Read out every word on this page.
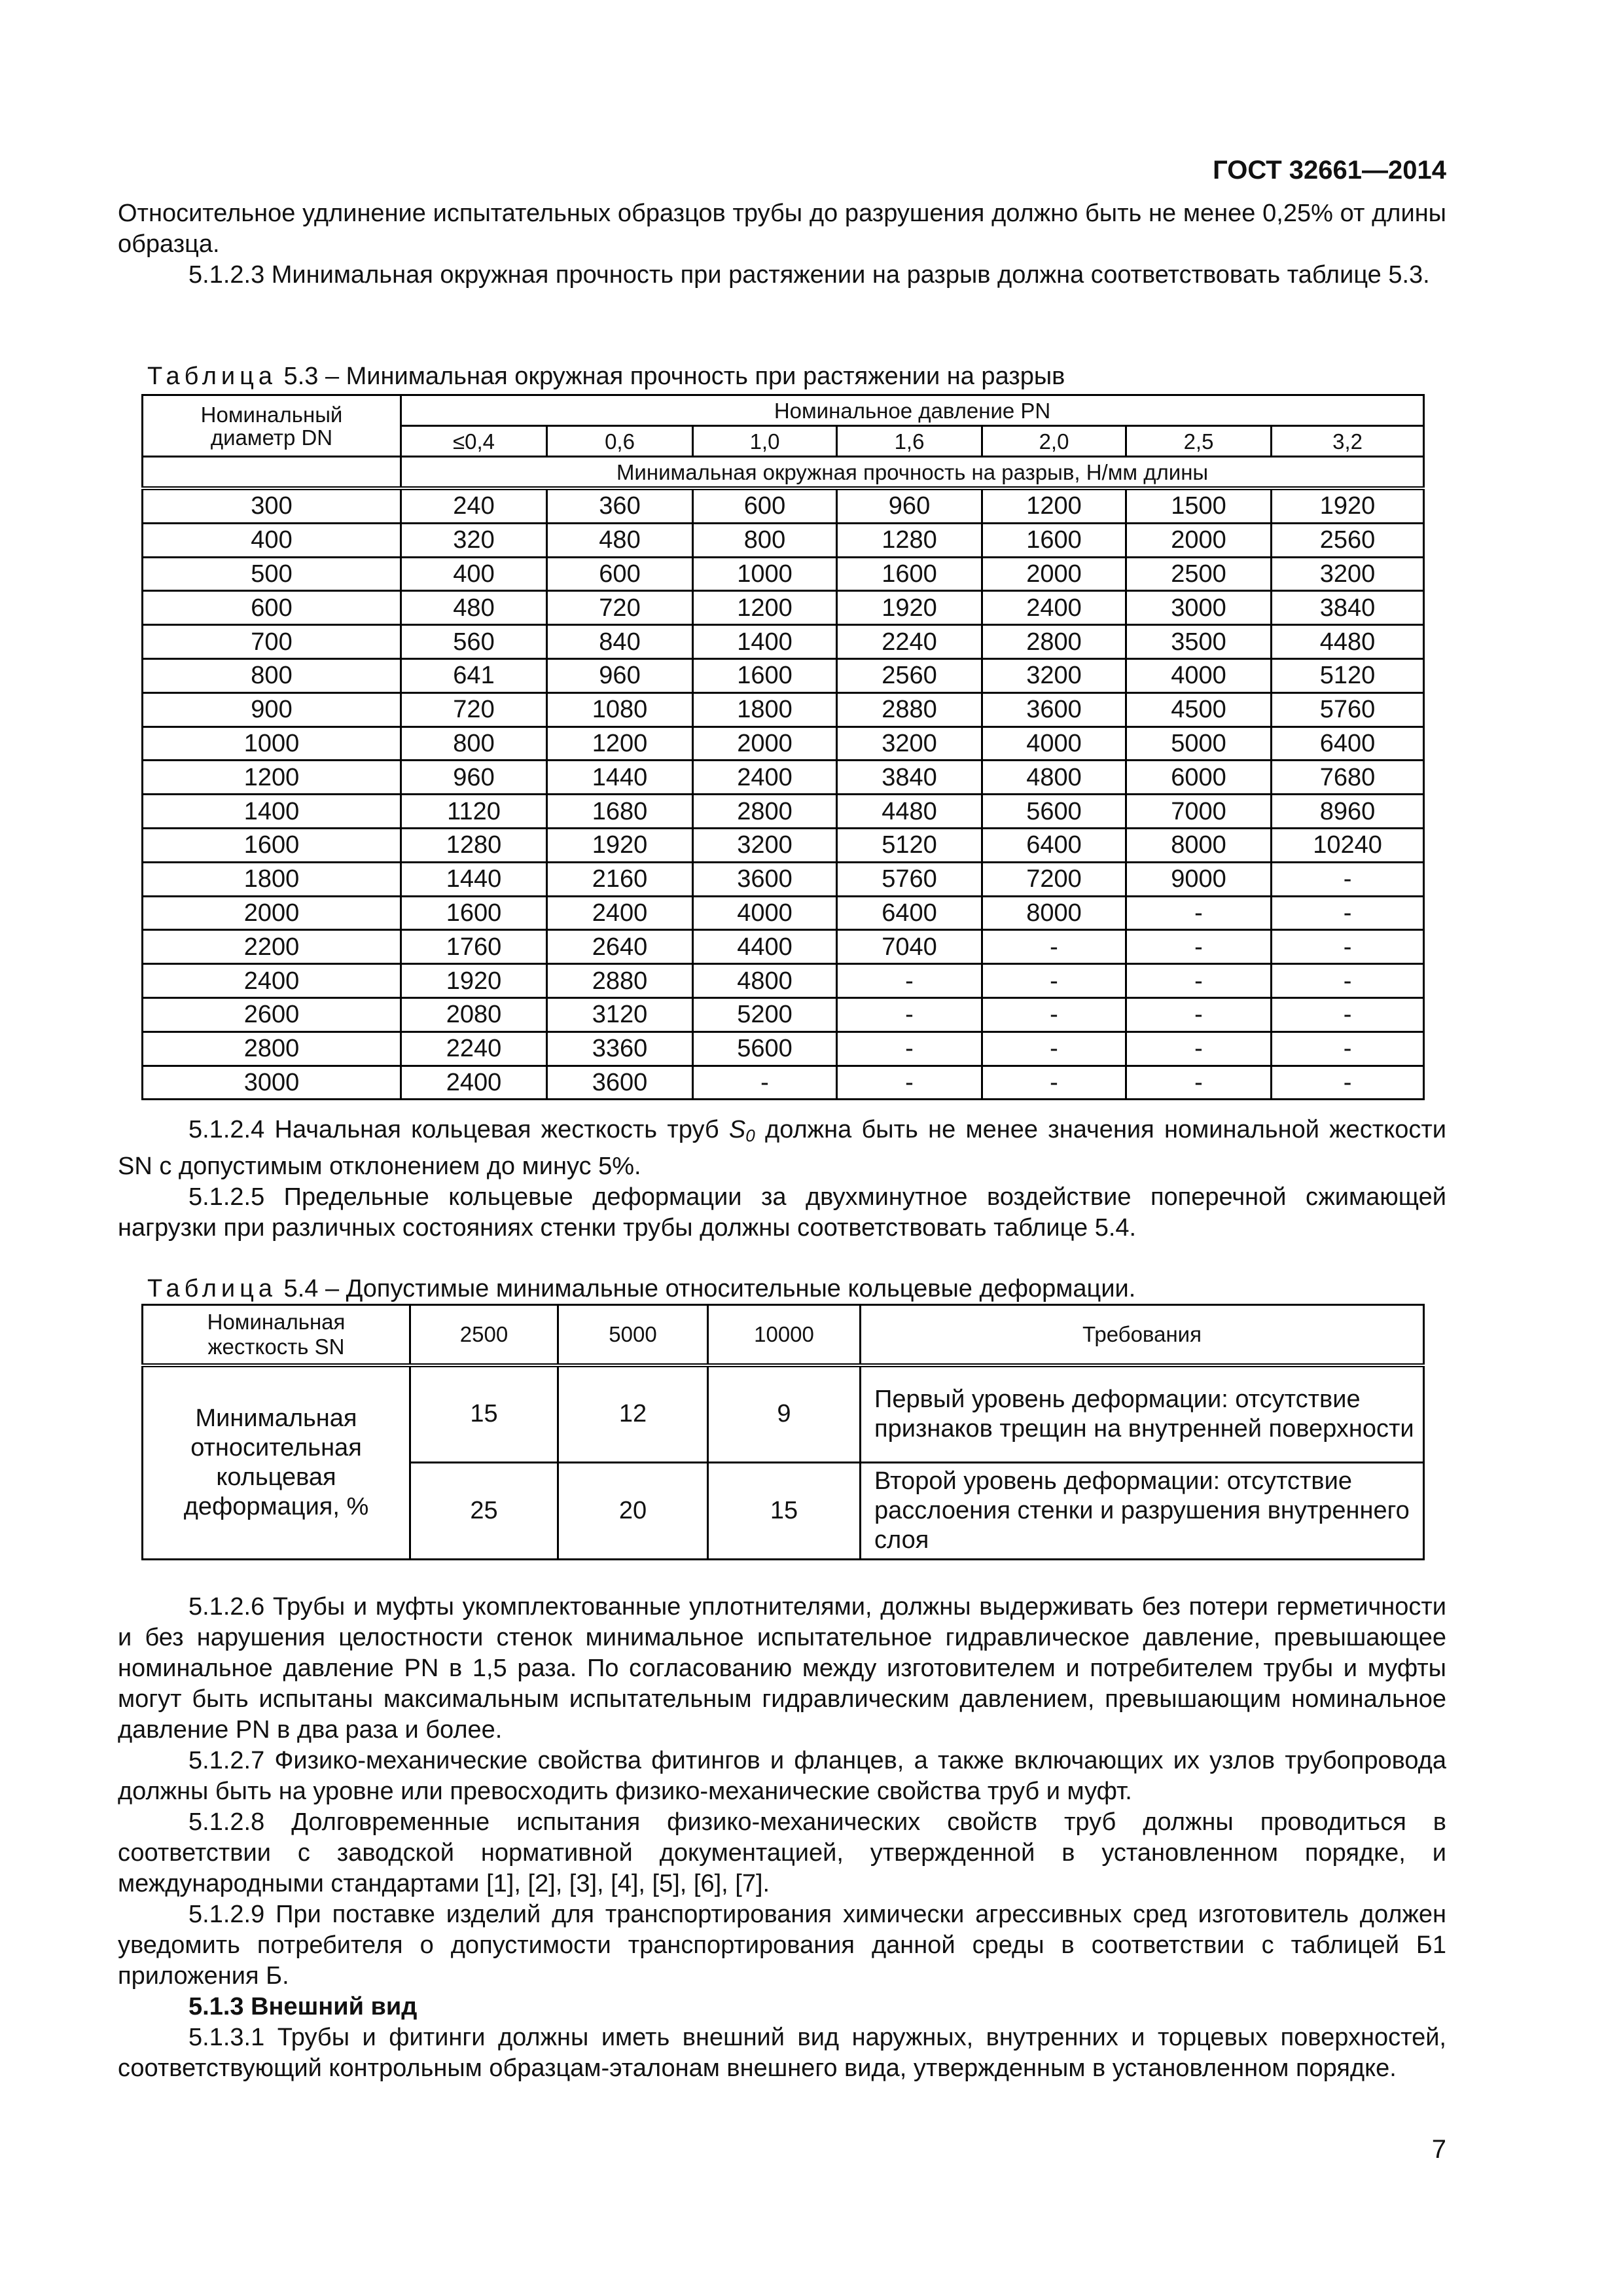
ГОСТ 32661—2014

Относительное удлинение испытательных образцов трубы до разрушения должно быть не менее 0,25% от длины образца.

5.1.2.3 Минимальная окружная прочность при растяжении на разрыв должна соответствовать таблице 5.3.

Таблица 5.3 – Минимальная окружная прочность при растяжении на разрыв
Номинальный диаметр DN	Номинальное давление PN						
	≤0,4	0,6	1,0	1,6	2,0	2,5	3,2
	Минимальная окружная прочность на разрыв, Н/мм длины						
300	240	360	600	960	1200	1500	1920
400	320	480	800	1280	1600	2000	2560
500	400	600	1000	1600	2000	2500	3200
600	480	720	1200	1920	2400	3000	3840
700	560	840	1400	2240	2800	3500	4480
800	641	960	1600	2560	3200	4000	5120
900	720	1080	1800	2880	3600	4500	5760
1000	800	1200	2000	3200	4000	5000	6400
1200	960	1440	2400	3840	4800	6000	7680
1400	1120	1680	2800	4480	5600	7000	8960
1600	1280	1920	3200	5120	6400	8000	10240
1800	1440	2160	3600	5760	7200	9000	-
2000	1600	2400	4000	6400	8000	-	-
2200	1760	2640	4400	7040	-	-	-
2400	1920	2880	4800	-	-	-	-
2600	2080	3120	5200	-	-	-	-
2800	2240	3360	5600	-	-	-	-
3000	2400	3600	-	-	-	-	-

5.1.2.4 Начальная кольцевая жесткость труб S0 должна быть не менее значения номинальной жесткости SN с допустимым отклонением до минус 5%.

5.1.2.5 Предельные кольцевые деформации за двухминутное воздействие поперечной сжимающей нагрузки при различных состояниях стенки трубы должны соответствовать таблице 5.4.

Таблица 5.4 – Допустимые минимальные относительные кольцевые деформации.
Номинальная жесткость SN	2500	5000	10000	Требования
Минимальная относительная кольцевая деформация, %	15	12	9	Первый уровень деформации: отсутствие признаков трещин на внутренней поверхности
	25	20	15	Второй уровень деформации: отсутствие расслоения стенки и разрушения внутреннего слоя

5.1.2.6 Трубы и муфты укомплектованные уплотнителями, должны выдерживать без потери герметичности и без нарушения целостности стенок минимальное испытательное гидравлическое давление, превышающее номинальное давление PN в 1,5 раза. По согласованию между изготовителем и потребителем трубы и муфты могут быть испытаны максимальным испытательным гидравлическим давлением, превышающим номинальное давление PN в два раза и более.

5.1.2.7 Физико-механические свойства фитингов и фланцев, а также включающих их узлов трубопровода должны быть на уровне или превосходить физико-механические свойства труб и муфт.

5.1.2.8 Долговременные испытания физико-механических свойств труб должны проводиться в соответствии с заводской нормативной документацией, утвержденной в установленном порядке, и международными стандартами [1], [2], [3], [4], [5], [6], [7].

5.1.2.9 При поставке изделий для транспортирования химически агрессивных сред изготовитель должен уведомить потребителя о допустимости транспортирования данной среды в соответствии с таблицей Б1 приложения Б.

5.1.3 Внешний вид

5.1.3.1 Трубы и фитинги должны иметь внешний вид наружных, внутренних и торцевых поверхностей, соответствующий контрольным образцам-эталонам внешнего вида, утвержденным в установленном порядке.

7
